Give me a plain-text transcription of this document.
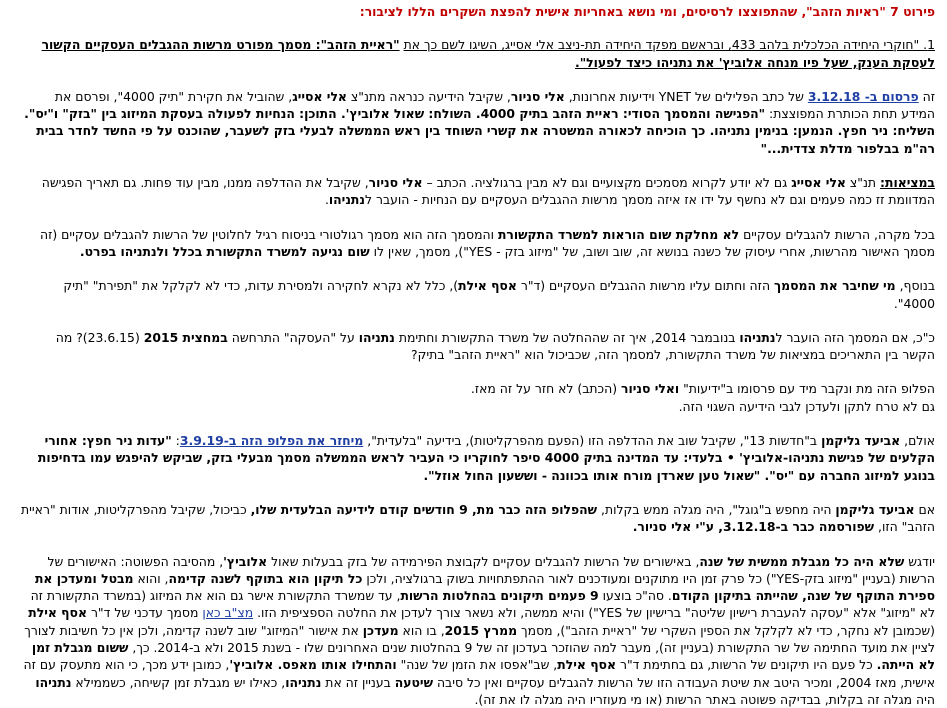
פירוט 7 "ראיות הזהב", שהתפוצצו לרסיסים, ומי נושא באחריות אישית להפצת השקרים הללו לציבור:
1. "חוקרי היחידה הכלכלית בלהב 433, ובראשם מפקד היחידה תת-ניצב אלי אסייג, השיגו לשם כך את "ראיית הזהב": מסמך מפורט מרשות ההגבלים העסקיים הקשור לעסקת הענק, שעל פיו מנחה אלוביץ' את נתניהו כיצד לפעול".
זה פרסום ב- 3.12.18 של כתב הפלילים של YNET וידיעות אחרונות, אלי סניור, שקיבל הידיעה כנראה מתנ"צ אלי אסייג, שהוביל את חקירת "תיק 4000", ופרסם את המידע תחת הכותרת המפוצצת: "הפגישה והמסמך הסודי: ראיית הזהב בתיק 4000. השולח: שאול אלוביץ'. התוכן: הנחיות לפעולה בעסקת המיזוג בין "בזק" ו"יס". השליח: ניר חפץ. הנמען: בנימין נתניהו. כך הוכיחה לכאורה המשטרה את קשרי השוחד בין ראש הממשלה לבעלי בזק לשעבר, שהוכנס על פי החשד לחדר בבית רה"מ בבלפור מדלת צדדית..."
במציאות: תנ"צ אלי אסייג גם לא יודע לקרוא מסמכים מקצועיים וגם לא מבין ברגולציה. הכתב – אלי סניור, שקיבל את ההדלפה ממנו, מבין עוד פחות. גם תאריך הפגישה המדוומת זז כמה פעמים וגם לא נחשף על ידו אז איזה מסמך מרשות ההגבלים העסקיים עם הנחיות - הועבר לנתניהו.
בכל מקרה, הרשות להגבלים עסקיים לא מחלקת שום הוראות למשרד התקשורת והמסמך הזה הוא מסמך רגולטורי בניסוח רגיל לחלוטין של הרשות להגבלים עסקיים (זה מסמך האישור מהרשות, אחרי עיסוק של כשנה בנושא זה, שוב ושוב, של "מיזוג בזק - YES"), מסמך, שאין לו שום נגיעה למשרד התקשורת בכלל ולנתניהו בפרט.
בנוסף, מי שחיבר את המסמך הזה וחתום עליו מרשות ההגבלים העסקיים (ד"ר אסף אילת), כלל לא נקרא לחקירה ולמסירת עדות, כדי לא לקלקל את "תפירת" "תיק 4000".
כ"כ, אם המסמך הזה הועבר לנתניהו בנובמבר 2014, איך זה שההחלטה של משרד התקשורת וחתימת נתניהו על "העסקה" התרחשה במחצית 2015 (23.6.15)? מה הקשר בין התאריכים במציאות של משרד התקשורת, למסמך הזה, שכביכול הוא "ראיית הזהב" בתיק?
הפלופ הזה מת ונקבר מיד עם פרסומו ב"ידיעות" ואלי סניור (הכתב) לא חזר על זה מאז.
גם לא טרח לתקן ולעדכן לגבי הידיעה השגוי הזה.
אולם, אביעד גליקמן ב"חדשות 13", שקיבל שוב את ההדלפה הזו (הפעם מהפרקליטות), בידיעה "בלעדית", מיחזר את הפלופ הזה ב-3.9.19: "עדות ניר חפץ: אחורי הקלעים של פגישת נתניהו-אלוביץ' • בלעדי: עד המדינה בתיק 4000 סיפר לחוקריו כי העביר לראש הממשלה מסמך מבעלי בזק, שביקש להיפגש עמו בדחיפות בנוגע למיזוג החברה עם "יס". "שאול טען שארדן מורח אותו בכוונה - וששעון החול אוזל".
אם אביעד גליקמן היה מחפש ב"גוגל", היה מגלה ממש בקלות, שהפלופ הזה כבר מת, 9 חודשים קודם לידיעה הבלעדית שלו, כביכול, שקיבל מהפרקליטות, אודות "ראיית הזהב" הזו, שפורסמה כבר ב-3.12.18, ע"י אלי סניור.
יודגש שלא היה כל מגבלת ממשית של שנה, באישורים של הרשות להגבלים עסקיים לקבוצת הפירמידה של בזק בבעלות שאול אלוביץ', מהסיבה הפשוטה: האישורים של הרשות (בעניין "מיזוג בזק-YES") כל פרק זמן היו מתוקנים ומעודכנים לאור ההתפתחויות בשוק ברגולציה, ולכן כל תיקון הוא בתוקף לשנה קדימה, והוא מבטל ומעדכן את ספירת התוקף של שנה, שהייתה בתיקון הקודם. סה"כ בוצעו 9 פעמים תיקונים בהחלטות הרשות, עד שמשרד התקשורת אישר גם הוא את המיזוג (במשרד התקשורת זה לא "מיזוג" אלא "עסקה להעברת רישיון שליטה" ברישיון של YES") והיא ממשה, ולא נשאר צורך לעדכן את החלטה הספציפית הזו. מצ"ב כאן מסמך עדכני של ד"ר אסף אילת (שכמובן לא נחקר, כדי לא לקלקל את הספין השקרי של "ראיית הזהב"), מסמך ממרץ 2015, בו הוא מעדכן את אישור "המיזוג" שוב לשנה קדימה, ולכן אין כל חשיבות לצורך לציין את מועד החתימה של שר התקשורת (בעניין זה), מעבר למה שהוזכר בעדכון זה של 9 בהחלטות שנים האחרונים שלו - בשנת 2015 ולא ב-2014. כך, ששום מגבלת זמן לא הייתה. כל פעם היו תיקונים של הרשות, גם בחתימת ד"ר אסף אילת, שב"אפסו את הזמן של שנה" והתחילו אותו מאפס. אלוביץ', כמובן ידע מכך, כי הוא מתעסק עם זה אישית, מאז 2004, ומכיר היטב את שיטת העבודה הזו של הרשות להגבלים עסקיים ואין כל סיבה שיטעה בעניין זה את נתניהו, כאילו יש מגבלת זמן קשיחה, כשממילא נתניהו היה מגלה זה בקלות, בבדיקה פשוטה באתר הרשות (או מי מעוזריו היה מגלה לו את זה).
